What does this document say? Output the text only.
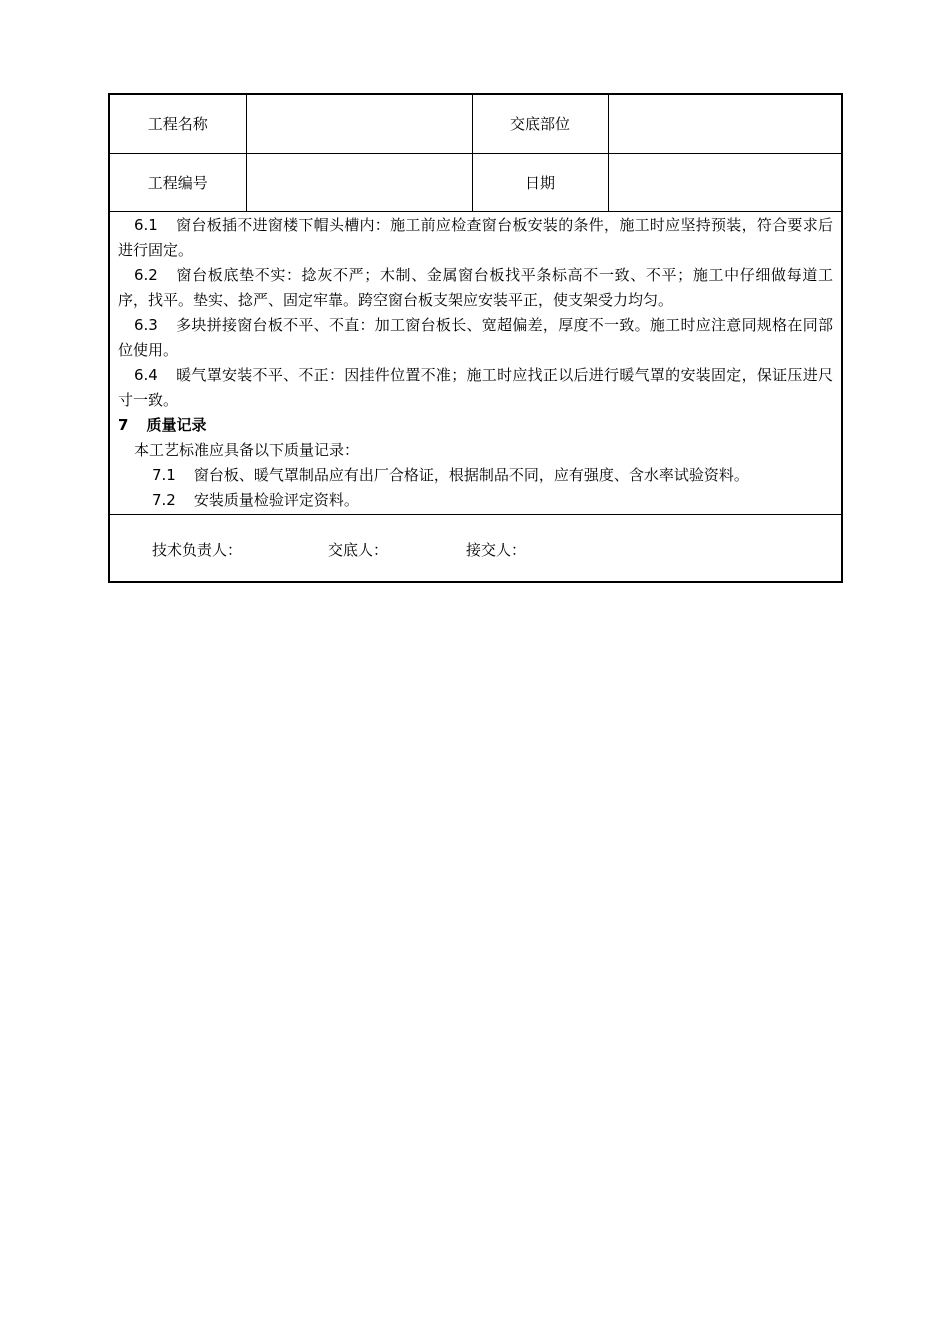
工程名称		交底部位	
工程编号		日期	

6.1 窗台板插不进窗楼下帽头槽内：施工前应检查窗台板安装的条件，施工时应坚持预装，符合要求后进行固定。

6.2 窗台板底垫不实：捻灰不严；木制、金属窗台板找平条标高不一致、不平；施工中仔细做每道工序，找平。垫实、捻严、固定牢靠。跨空窗台板支架应安装平正，使支架受力均匀。

6.3 多块拼接窗台板不平、不直：加工窗台板长、宽超偏差，厚度不一致。施工时应注意同规格在同部位使用。

6.4 暖气罩安装不平、不正：因挂件位置不准；施工时应找正以后进行暖气罩的安装固定，保证压进尺寸一致。

7 质量记录

本工艺标准应具备以下质量记录：

7.1 窗台板、暖气罩制品应有出厂合格证，根据制品不同，应有强度、含水率试验资料。

7.2 安装质量检验评定资料。

技术负责人：	交底人：	接交人：
